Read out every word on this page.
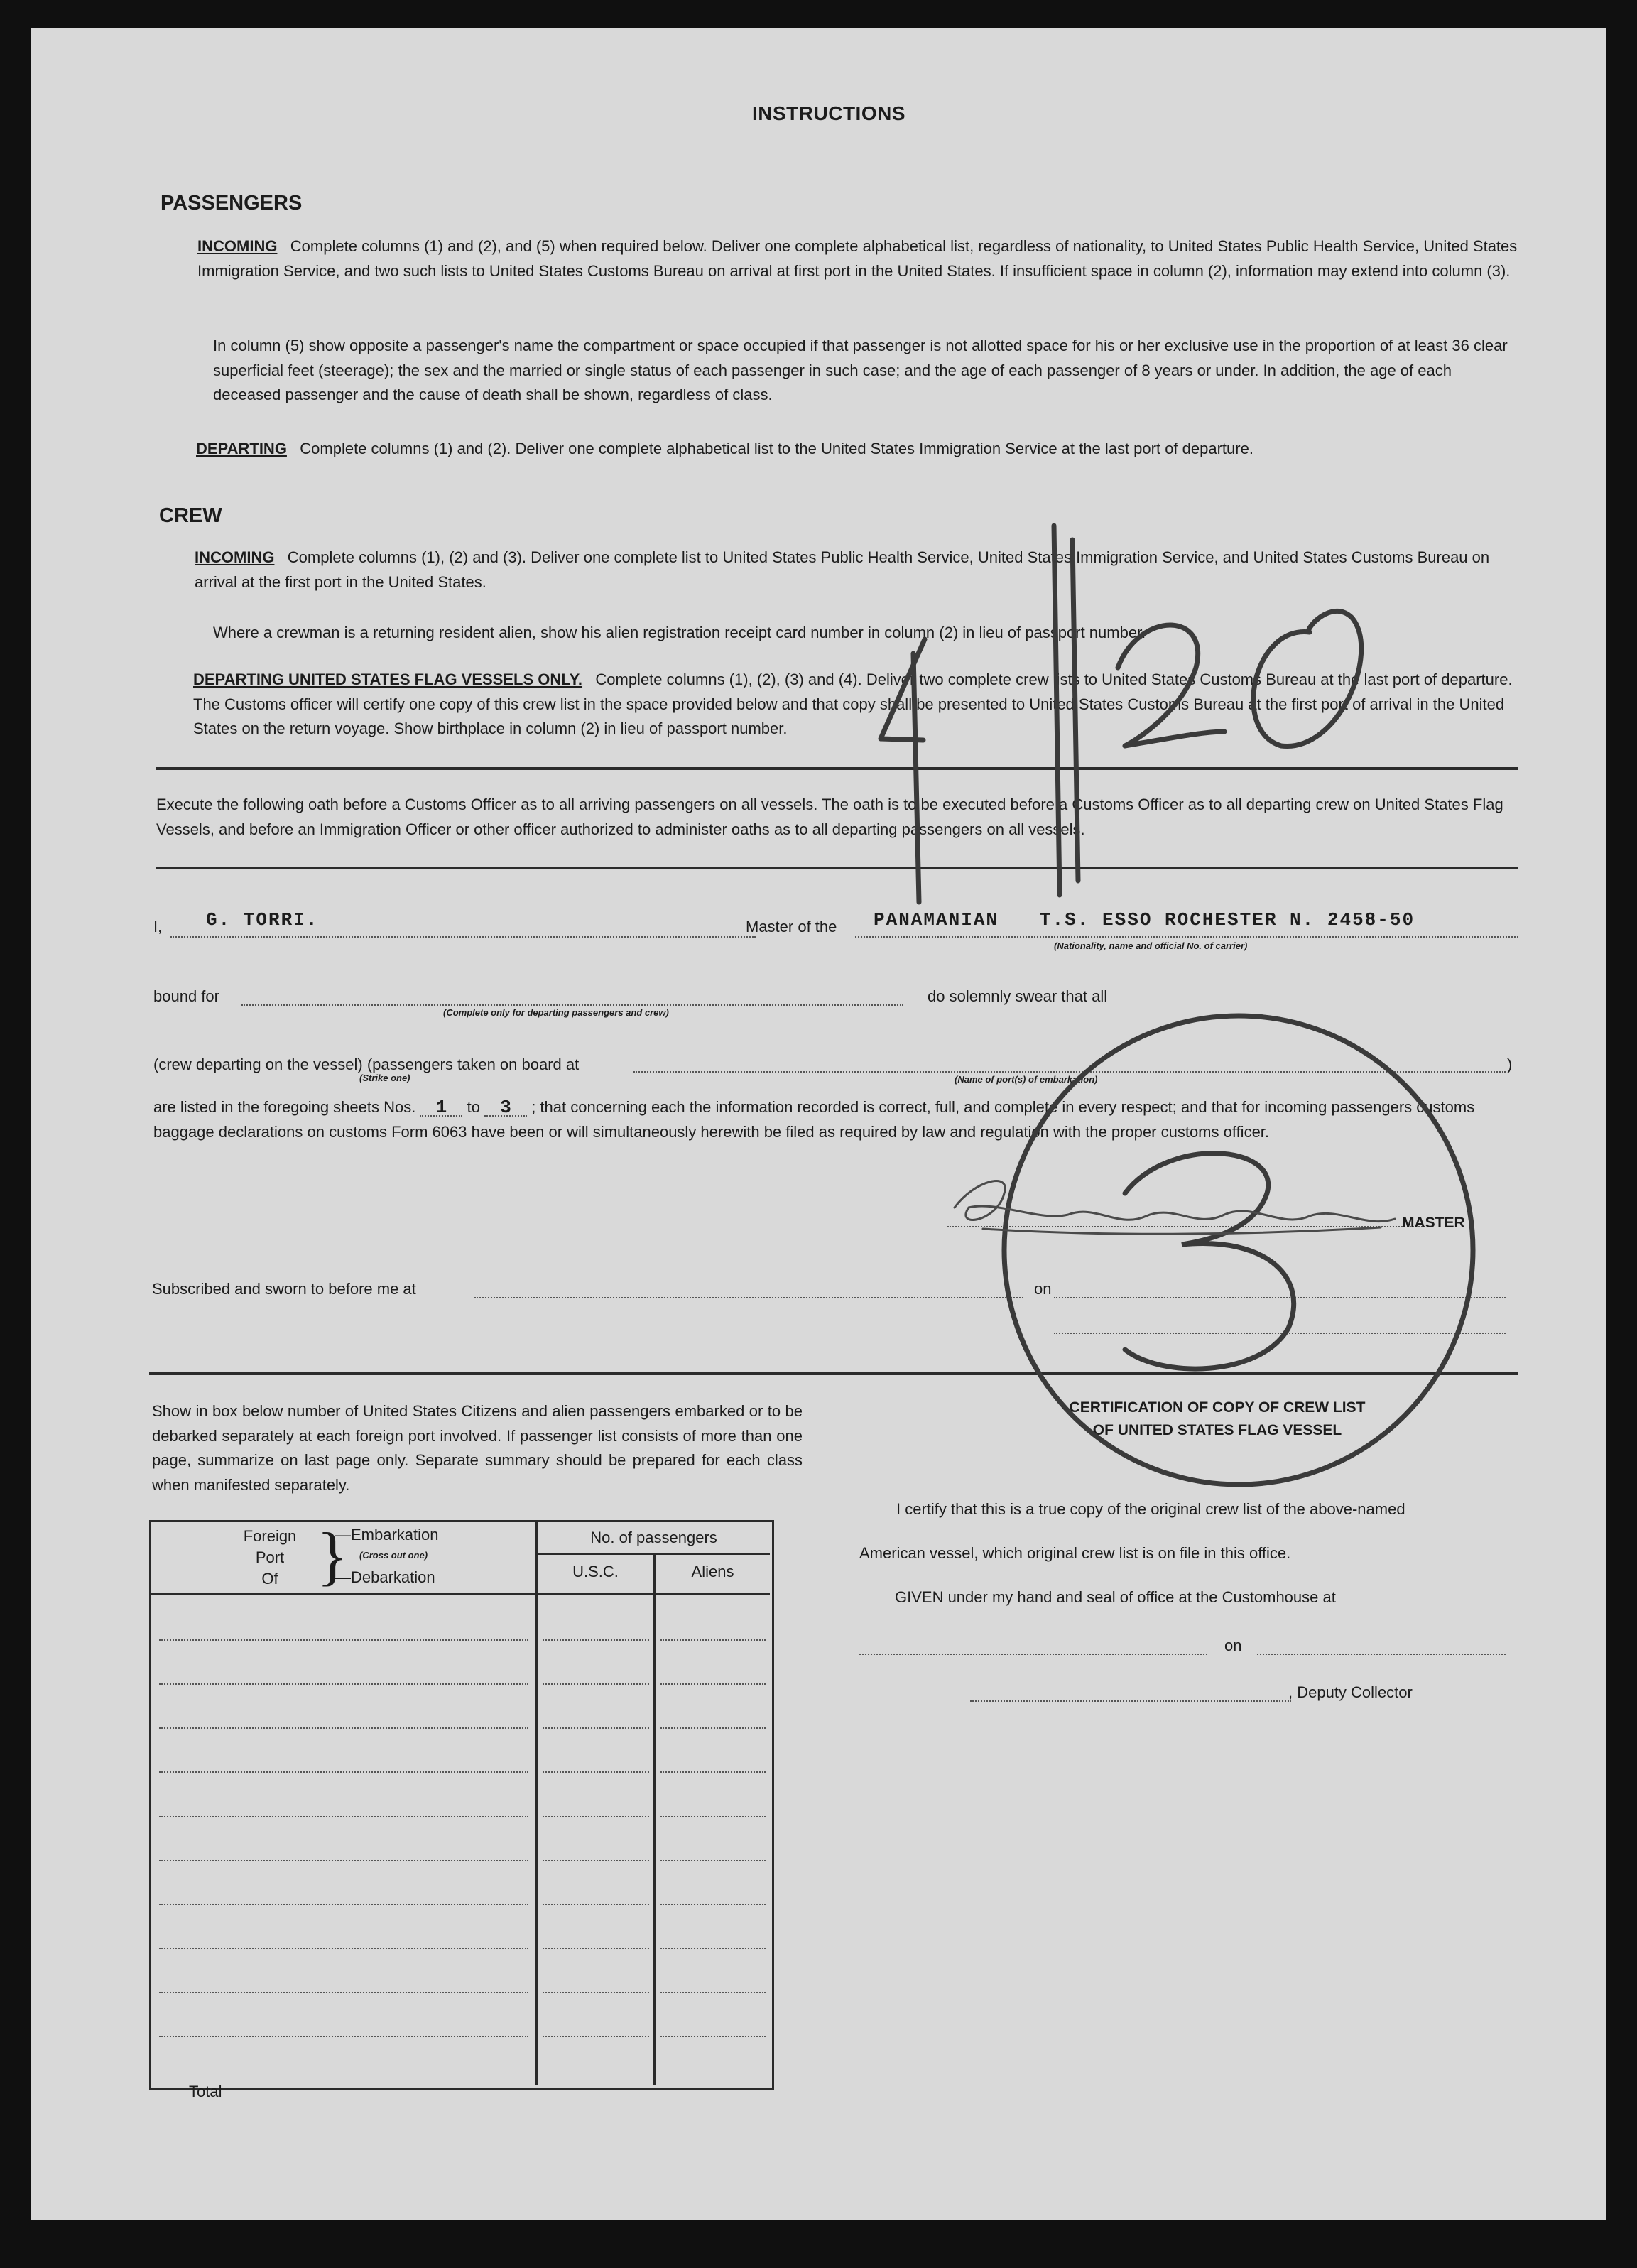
INSTRUCTIONS
PASSENGERS
INCOMING Complete columns (1) and (2), and (5) when required below. Deliver one complete alphabetical list, regardless of nationality, to United States Public Health Service, United States Immigration Service, and two such lists to United States Customs Bureau on arrival at first port in the United States. If insufficient space in column (2), information may extend into column (3).
In column (5) show opposite a passenger's name the compartment or space occupied if that passenger is not allotted space for his or her exclusive use in the proportion of at least 36 clear superficial feet (steerage); the sex and the married or single status of each passenger in such case; and the age of each passenger of 8 years or under. In addition, the age of each deceased passenger and the cause of death shall be shown, regardless of class.
DEPARTING Complete columns (1) and (2). Deliver one complete alphabetical list to the United States Immigration Service at the last port of departure.
CREW
INCOMING Complete columns (1), (2) and (3). Deliver one complete list to United States Public Health Service, United States Immigration Service, and United States Customs Bureau on arrival at the first port in the United States.
Where a crewman is a returning resident alien, show his alien registration receipt card number in column (2) in lieu of passport number.
DEPARTING UNITED STATES FLAG VESSELS ONLY. Complete columns (1), (2), (3) and (4). Deliver two complete crew lists to United States Customs Bureau at the last port of departure. The Customs officer will certify one copy of this crew list in the space provided below and that copy shall be presented to United States Customs Bureau at the first port of arrival in the United States on the return voyage. Show birthplace in column (2) in lieu of passport number.
Execute the following oath before a Customs Officer as to all arriving passengers on all vessels. The oath is to be executed before a Customs Officer as to all departing crew on United States Flag Vessels, and before an Immigration Officer or other officer authorized to administer oaths as to all departing passengers on all vessels.
I, G. TORRI.	Master of the	PANAMANIAN T.S. ESSO ROCHESTER N. 2458-50
(Nationality, name and official No. of carrier)
bound for
(Complete only for departing passengers and crew)
do solemnly swear that all
(crew departing on the vessel) (passengers taken on board at
(Strike one)	(Name of port(s) of embarkation)
)
are listed in the foregoing sheets Nos. 1 to 3 ; that concerning each the information recorded is correct, full, and complete in every respect; and that for incoming passengers customs baggage declarations on customs Form 6063 have been or will simultaneously herewith be filed as required by law and regulation with the proper customs officer.
MASTER
Subscribed and sworn to before me at	on
Show in box below number of United States Citizens and alien passengers embarked or to be debarked separately at each foreign port involved. If passenger list consists of more than one page, summarize on last page only. Separate summary should be prepared for each class when manifested separately.
Foreign
Port
Of }
—Embarkation
(Cross out one)
—Debarkation
No. of passengers
U.S.C.	Aliens
Total
CERTIFICATION OF COPY OF CREW LIST
OF UNITED STATES FLAG VESSEL
I certify that this is a true copy of the original crew list of the above-named
American vessel, which original crew list is on file in this office.
GIVEN under my hand and seal of office at the Customhouse at
on
, Deputy Collector
